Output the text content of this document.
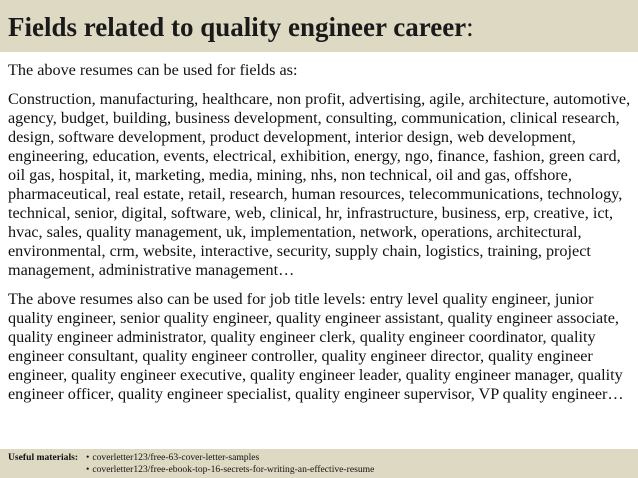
Fields related to quality engineer career:

The above resumes can be used for fields as:

Construction, manufacturing, healthcare, non profit, advertising, agile, architecture, automotive, agency, budget, building, business development, consulting, communication, clinical research, design, software development, product development, interior design, web development, engineering, education, events, electrical, exhibition, energy, ngo, finance, fashion, green card, oil gas, hospital, it, marketing, media, mining, nhs, non technical, oil and gas, offshore, pharmaceutical, real estate, retail, research, human resources, telecommunications, technology, technical, senior, digital, software, web, clinical, hr, infrastructure, business, erp, creative, ict, hvac, sales, quality management, uk, implementation, network, operations, architectural, environmental, crm, website, interactive, security, supply chain, logistics, training, project management, administrative management…

The above resumes also can be used for job title levels: entry level quality engineer, junior quality engineer, senior quality engineer, quality engineer assistant, quality engineer associate, quality engineer administrator, quality engineer clerk, quality engineer coordinator, quality engineer consultant, quality engineer controller, quality engineer director, quality engineer engineer, quality engineer executive, quality engineer leader, quality engineer manager, quality engineer officer, quality engineer specialist, quality engineer supervisor, VP quality engineer…

Useful materials: • coverletter123/free-63-cover-letter-samples
• coverletter123/free-ebook-top-16-secrets-for-writing-an-effective-resume
